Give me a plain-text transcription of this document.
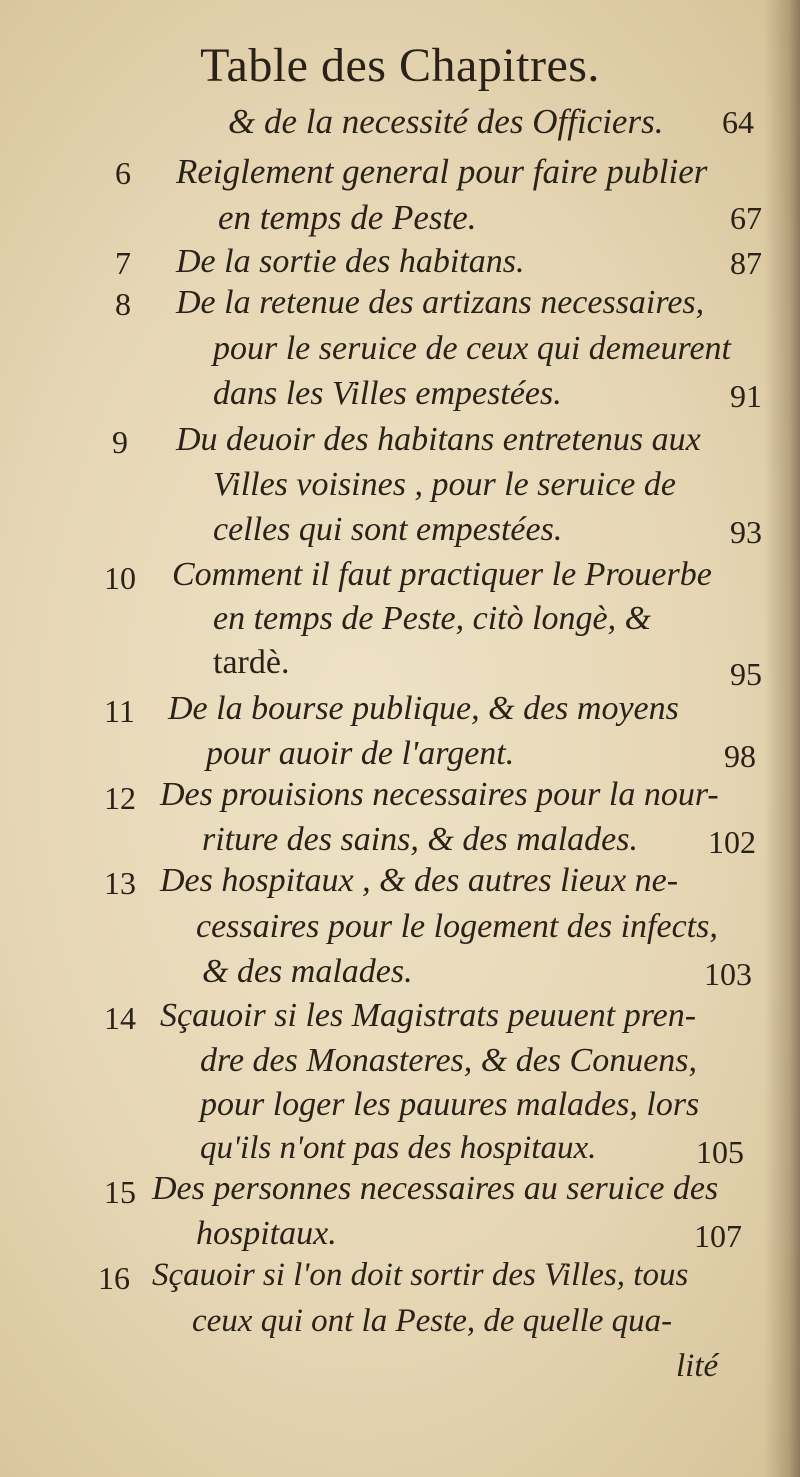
Table des Chapitres.
& de la necessité des Officiers.	64
6 Reiglement general pour faire publier
en temps de Peste.	67
7 De la sortie des habitans.	87
8 De la retenue des artizans necessaires,
pour le seruice de ceux qui demeurent
dans les Villes empestées.	91
9 Du deuoir des habitans entretenus aux
Villes voisines , pour le seruice de
celles qui sont empestées.	93
10 Comment il faut practiquer le Prouerbe
en temps de Peste, citò longè, &
tardè.	95
11 De la bourse publique, & des moyens
pour auoir de l'argent.	98
12 Des prouisions necessaires pour la nour-
riture des sains, & des malades.	102
13 Des hospitaux , & des autres lieux ne-
cessaires pour le logement des infects,
& des malades.	103
14 Sçauoir si les Magistrats peuuent pren-
dre des Monasteres, & des Conuens,
pour loger les pauures malades, lors
qu'ils n'ont pas des hospitaux.	105
15 Des personnes necessaires au seruice des
hospitaux.	107
16 Sçauoir si l'on doit sortir des Villes, tous
ceux qui ont la Peste, de quelle qua-
lité
